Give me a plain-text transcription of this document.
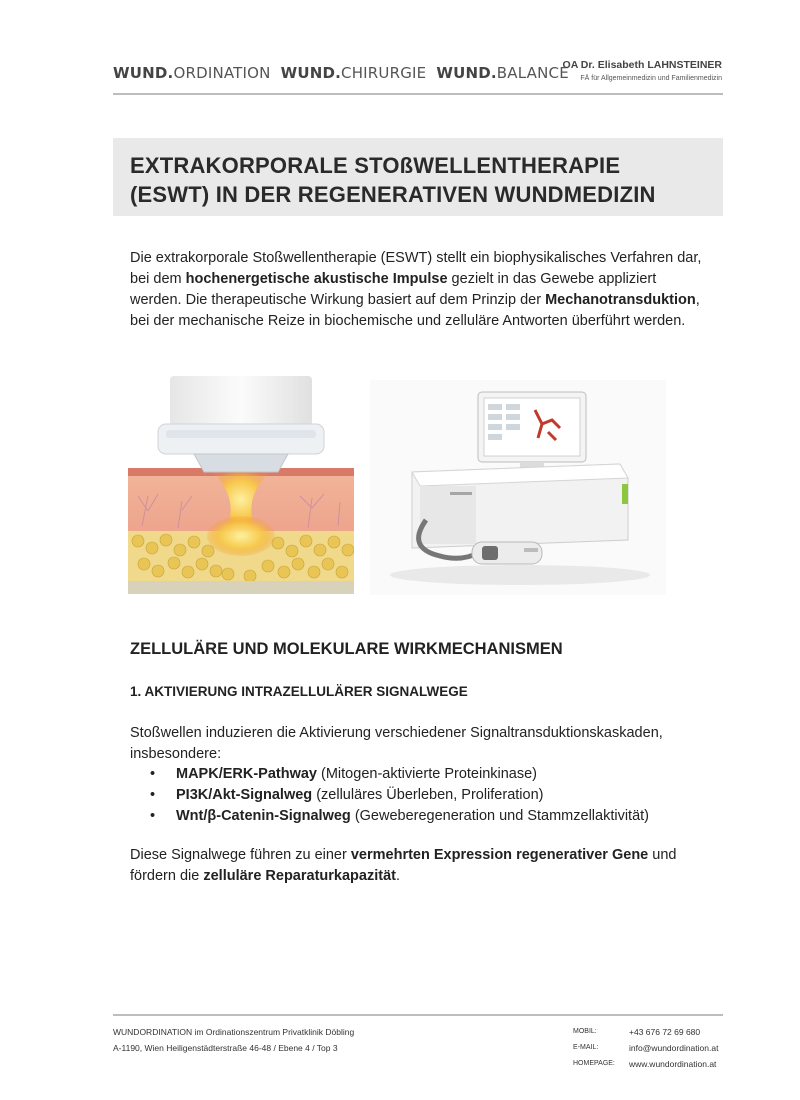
WUND.ORDINATION WUND.CHIRURGIE WUND.BALANCE
OA Dr. Elisabeth LAHNSTEINER
FÄ für Allgemeinmedizin und Familienmedizin
EXTRAKORPORALE STOßWELLENTHERAPIE
(ESWT) IN DER REGENERATIVEN WUNDMEDIZIN
Die extrakorporale Stoßwellentherapie (ESWT) stellt ein biophysikalisches Verfahren dar, bei dem hochenergetische akustische Impulse gezielt in das Gewebe appliziert werden. Die therapeutische Wirkung basiert auf dem Prinzip der Mechanotransduktion, bei der mechanische Reize in biochemische und zelluläre Antworten überführt werden.
ZELLULÄRE UND MOLEKULARE WIRKMECHANISMEN
1. AKTIVIERUNG INTRAZELLULÄRER SIGNALWEGE
Stoßwellen induzieren die Aktivierung verschiedener Signaltransduktionskaskaden, insbesondere:
• MAPK/ERK-Pathway (Mitogen-aktivierte Proteinkinase)
• PI3K/Akt-Signalweg (zelluläres Überleben, Proliferation)
• Wnt/β-Catenin-Signalweg (Geweberegeneration und Stammzellaktivität)
Diese Signalwege führen zu einer vermehrten Expression regenerativer Gene und fördern die zelluläre Reparaturkapazität.
WUNDORDINATION im Ordinationszentrum Privatklinik Döbling
A-1190, Wien Heiligenstädterstraße 46-48 / Ebene 4 / Top 3
MOBIL:	+43 676 72 69 680
E-MAIL:	info@wundordination.at
HOMEPAGE:	www.wundordination.at
